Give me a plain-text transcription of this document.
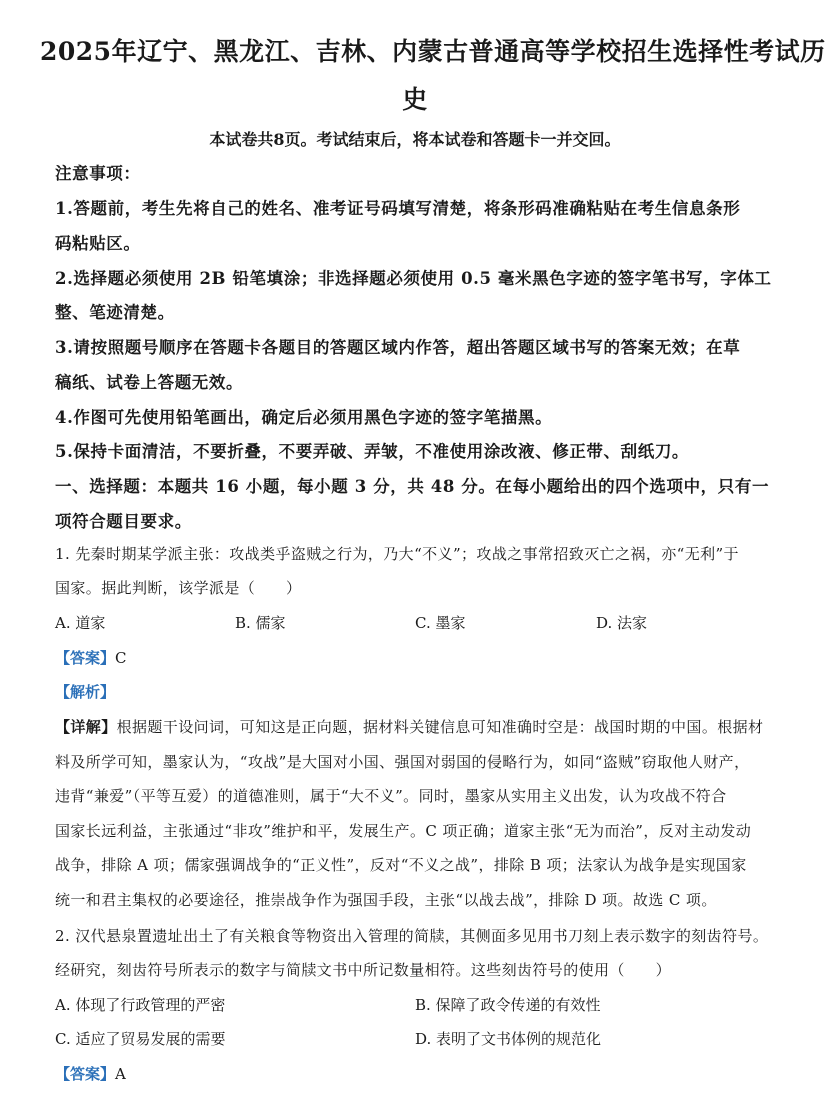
2025年辽宁、黑龙江、吉林、内蒙古普通高等学校招生选择性考试历
史
本试卷共8页。考试结束后，将本试卷和答题卡一并交回。
注意事项：
1.答题前，考生先将自己的姓名、准考证号码填写清楚，将条形码准确粘贴在考生信息条形
码粘贴区。
2.选择题必须使用 2B 铅笔填涂；非选择题必须使用 0.5 毫米黑色字迹的签字笔书写，字体工
整、笔迹清楚。
3.请按照题号顺序在答题卡各题目的答题区域内作答，超出答题区域书写的答案无效；在草
稿纸、试卷上答题无效。
4.作图可先使用铅笔画出，确定后必须用黑色字迹的签字笔描黑。
5.保持卡面清洁，不要折叠，不要弄破、弄皱，不准使用涂改液、修正带、刮纸刀。
一、选择题：本题共 16 小题，每小题 3 分，共 48 分。在每小题给出的四个选项中，只有一
项符合题目要求。
1. 先秦时期某学派主张：攻战类乎盗贼之行为，乃大“不义”；攻战之事常招致灭亡之祸，亦“无利”于
国家。据此判断，该学派是（　　）
A. 道家	B. 儒家	C. 墨家	D. 法家
【答案】C
【解析】
【详解】根据题干设问词，可知这是正向题，据材料关键信息可知准确时空是：战国时期的中国。根据材
料及所学可知，墨家认为，“攻战”是大国对小国、强国对弱国的侵略行为，如同“盗贼”窃取他人财产，
违背“兼爱”（平等互爱）的道德准则，属于“大不义”。同时，墨家从实用主义出发，认为攻战不符合
国家长远利益，主张通过“非攻”维护和平，发展生产。C 项正确；道家主张“无为而治”，反对主动发动
战争，排除 A 项；儒家强调战争的“正义性”，反对“不义之战”，排除 B 项；法家认为战争是实现国家
统一和君主集权的必要途径，推崇战争作为强国手段，主张“以战去战”，排除 D 项。故选 C 项。
2. 汉代悬泉置遗址出土了有关粮食等物资出入管理的简牍，其侧面多见用书刀刻上表示数字的刻齿符号。
经研究，刻齿符号所表示的数字与简牍文书中所记数量相符。这些刻齿符号的使用（　　）
A. 体现了行政管理的严密	B. 保障了政令传递的有效性
C. 适应了贸易发展的需要	D. 表明了文书体例的规范化
【答案】A
